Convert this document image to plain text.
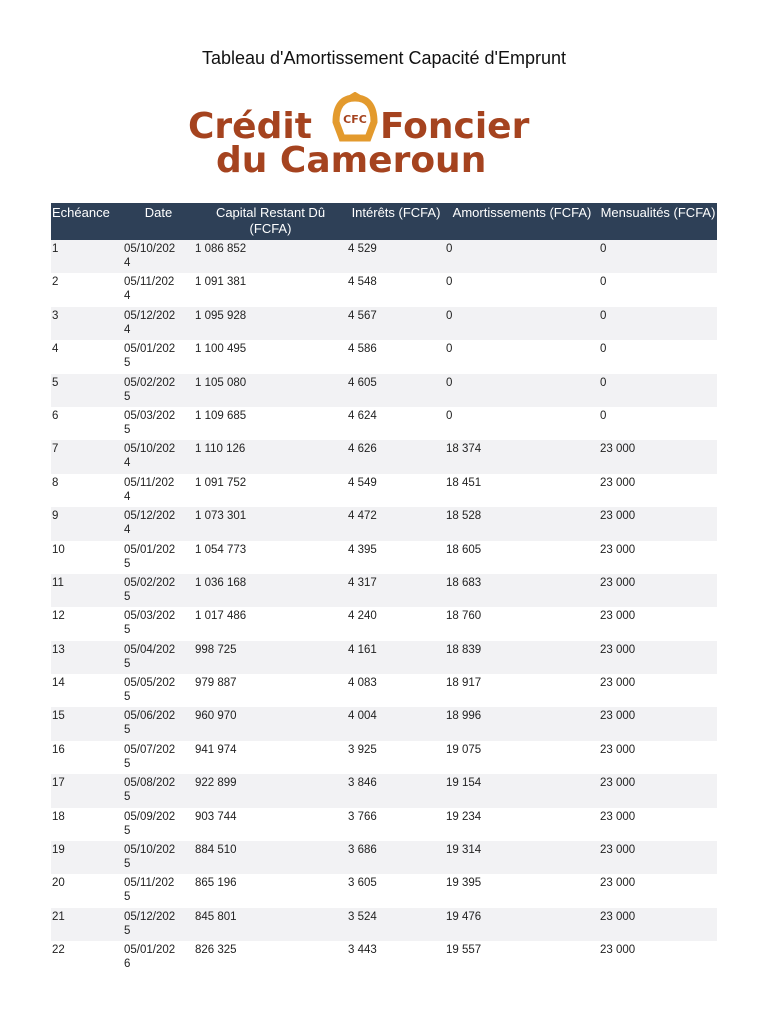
Tableau d'Amortissement Capacité d'Emprunt
Crédit	CFC Foncier
du Cameroun
Echéance	Date	Capital Restant Dû (FCFA)	Intérêts (FCFA)	Amortissements (FCFA)	Mensualités (FCFA)
1	05/10/2024	1 086 852	4 529	0	0
2	05/11/2024	1 091 381	4 548	0	0
3	05/12/2024	1 095 928	4 567	0	0
4	05/01/2025	1 100 495	4 586	0	0
5	05/02/2025	1 105 080	4 605	0	0
6	05/03/2025	1 109 685	4 624	0	0
7	05/10/2024	1 110 126	4 626	18 374	23 000
8	05/11/2024	1 091 752	4 549	18 451	23 000
9	05/12/2024	1 073 301	4 472	18 528	23 000
10	05/01/2025	1 054 773	4 395	18 605	23 000
11	05/02/2025	1 036 168	4 317	18 683	23 000
12	05/03/2025	1 017 486	4 240	18 760	23 000
13	05/04/2025	998 725	4 161	18 839	23 000
14	05/05/2025	979 887	4 083	18 917	23 000
15	05/06/2025	960 970	4 004	18 996	23 000
16	05/07/2025	941 974	3 925	19 075	23 000
17	05/08/2025	922 899	3 846	19 154	23 000
18	05/09/2025	903 744	3 766	19 234	23 000
19	05/10/2025	884 510	3 686	19 314	23 000
20	05/11/2025	865 196	3 605	19 395	23 000
21	05/12/2025	845 801	3 524	19 476	23 000
22	05/01/2026	826 325	3 443	19 557	23 000
